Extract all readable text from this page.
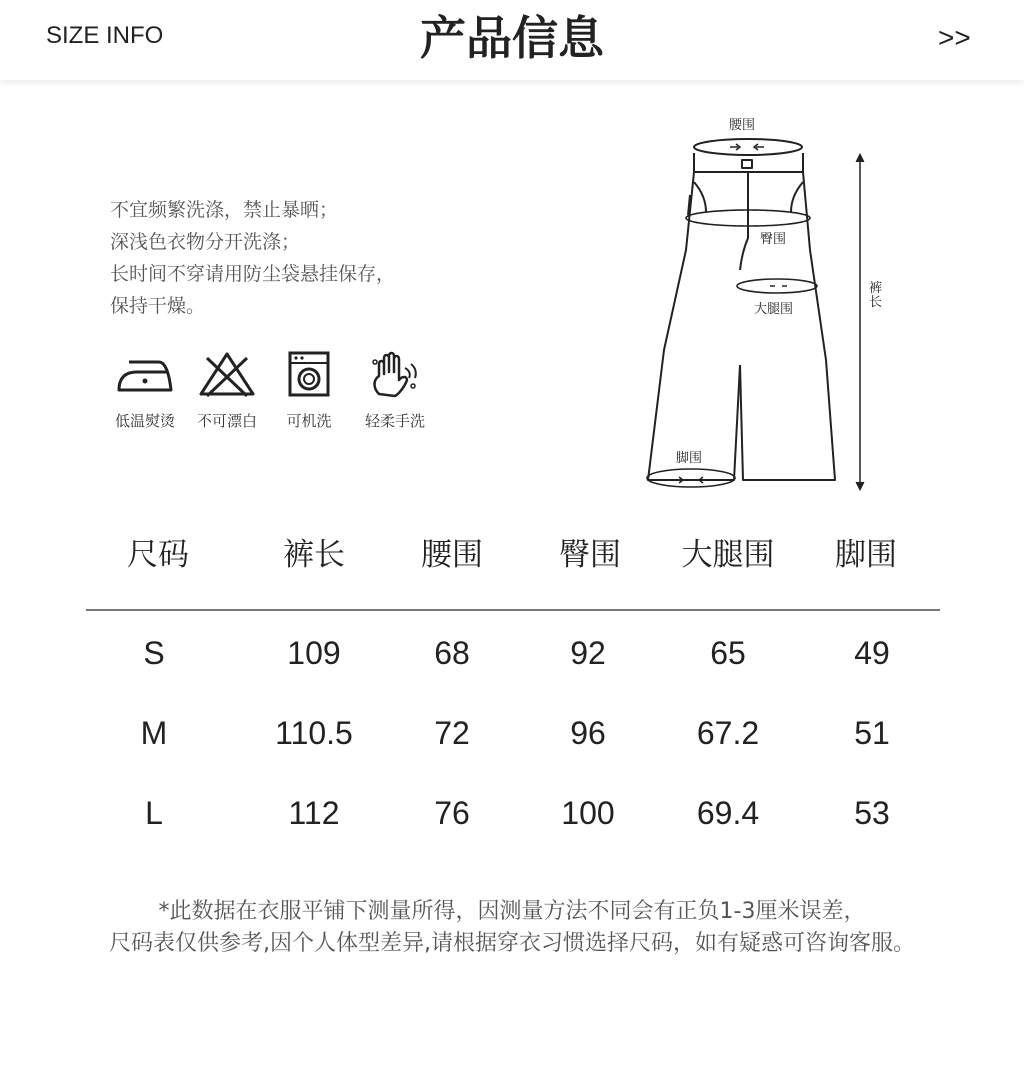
SIZE INFO	产品信息	>>
不宜频繁洗涤，禁止暴晒；
深浅色衣物分开洗涤；
长时间不穿请用防尘袋悬挂保存，
保持干燥。
低温熨烫	不可漂白	可机洗	轻柔手洗
腰围
臀围
大腿围
脚围
裤长
尺码	裤长	腰围	臀围	大腿围	脚围
S	109	68	92	65	49
M	110.5	72	96	67.2	51
L	112	76	100	69.4	53
*此数据在衣服平铺下测量所得，因测量方法不同会有正负1-3厘米误差，
尺码表仅供参考,因个人体型差异,请根据穿衣习惯选择尺码，如有疑惑可咨询客服。
